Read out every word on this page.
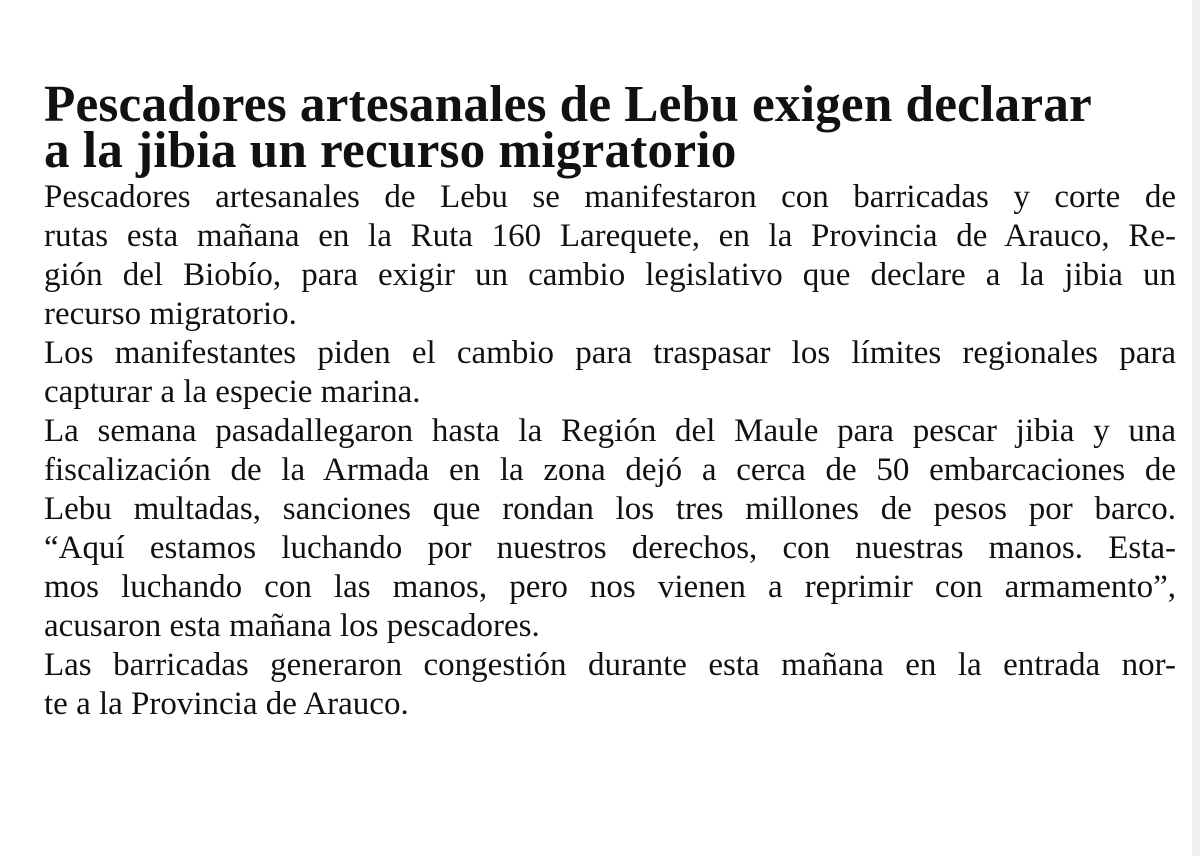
Pescadores artesanales de Lebu exigen declarar
a la jibia un recurso migratorio
Pescadores artesanales de Lebu se manifestaron con barricadas y corte de
rutas esta mañana en la Ruta 160 Larequete, en la Provincia de Arauco, Re-
gión del Biobío, para exigir un cambio legislativo que declare a la jibia un
recurso migratorio.
Los manifestantes piden el cambio para traspasar los límites regionales para
capturar a la especie marina.
La semana pasadallegaron hasta la Región del Maule para pescar jibia y una
fiscalización de la Armada en la zona dejó a cerca de 50 embarcaciones de
Lebu multadas, sanciones que rondan los tres millones de pesos por barco.
“Aquí estamos luchando por nuestros derechos, con nuestras manos. Esta-
mos luchando con las manos, pero nos vienen a reprimir con armamento”,
acusaron esta mañana los pescadores.
Las barricadas generaron congestión durante esta mañana en la entrada nor-
te a la Provincia de Arauco.
